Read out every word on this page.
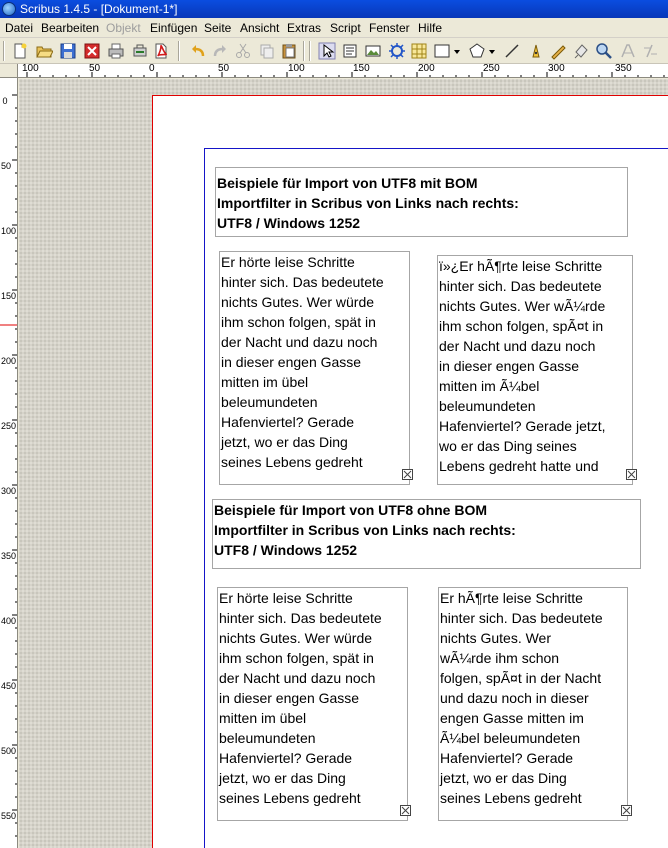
Scribus 1.4.5 - [Dokument-1*]
Datei Bearbeiten Objekt Einfügen Seite Ansicht Extras Script Fenster Hilfe
100	50	0	50	100	150	200	250	300	350
0
50
100
150
200
250
300
350
400
450
500
550
Beispiele für Import von UTF8 mit BOM
Importfilter in Scribus von Links nach rechts:
UTF8 / Windows 1252
Er hörte leise Schritte
hinter sich. Das bedeutete
nichts Gutes. Wer würde
ihm schon folgen, spät in
der Nacht und dazu noch
in dieser engen Gasse
mitten im übel
beleumundeten
Hafenviertel? Gerade
jetzt, wo er das Ding
seines Lebens gedreht
ï»¿Er hÃ¶rte leise Schritte
hinter sich. Das bedeutete
nichts Gutes. Wer wÃ¼rde
ihm schon folgen, spÃ¤t in
der Nacht und dazu noch
in dieser engen Gasse
mitten im Ã¼bel
beleumundeten
Hafenviertel? Gerade jetzt,
wo er das Ding seines
Lebens gedreht hatte und
Beispiele für Import von UTF8 ohne BOM
Importfilter in Scribus von Links nach rechts:
UTF8 / Windows 1252
Er hörte leise Schritte
hinter sich. Das bedeutete
nichts Gutes. Wer würde
ihm schon folgen, spät in
der Nacht und dazu noch
in dieser engen Gasse
mitten im übel
beleumundeten
Hafenviertel? Gerade
jetzt, wo er das Ding
seines Lebens gedreht
Er hÃ¶rte leise Schritte
hinter sich. Das bedeutete
nichts Gutes. Wer
wÃ¼rde ihm schon
folgen, spÃ¤t in der Nacht
und dazu noch in dieser
engen Gasse mitten im
Ã¼bel beleumundeten
Hafenviertel? Gerade
jetzt, wo er das Ding
seines Lebens gedreht
